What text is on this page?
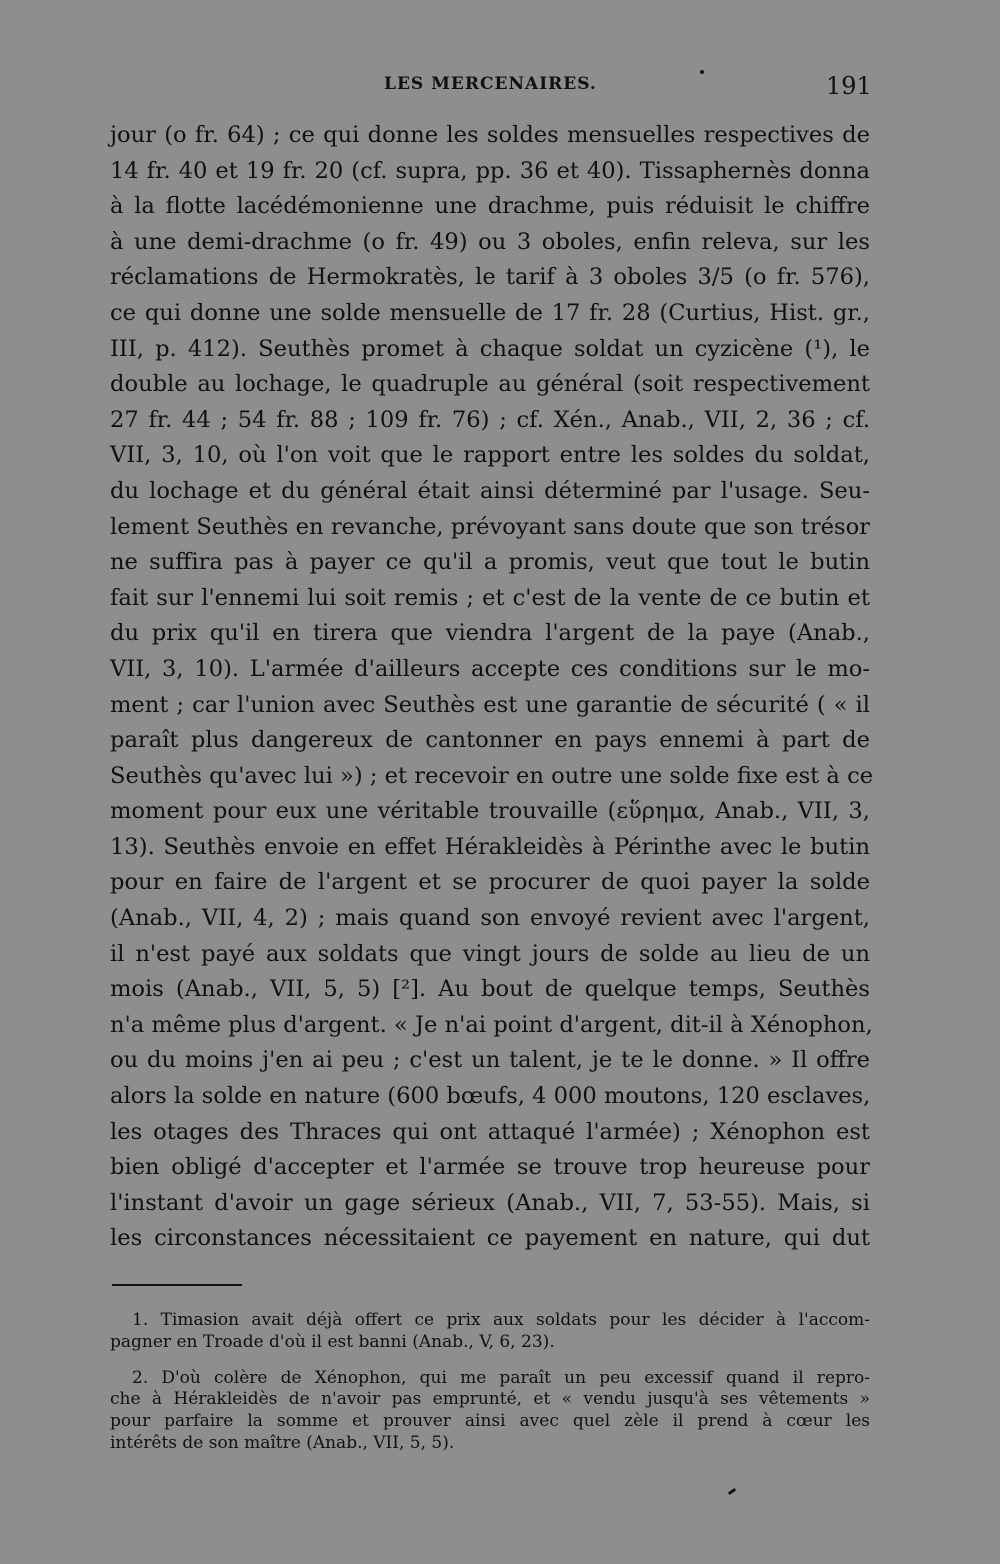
LES MERCENAIRES.	191
jour (o fr. 64) ; ce qui donne les soldes mensuelles respectives de
14 fr. 40 et 19 fr. 20 (cf. supra, pp. 36 et 40). Tissaphernès donna
à la flotte lacédémonienne une drachme, puis réduisit le chiffre
à une demi-drachme (o fr. 49) ou 3 oboles, enfin releva, sur les
réclamations de Hermokratès, le tarif à 3 oboles 3/5 (o fr. 576),
ce qui donne une solde mensuelle de 17 fr. 28 (Curtius, Hist. gr.,
III, p. 412). Seuthès promet à chaque soldat un cyzicène (¹), le
double au lochage, le quadruple au général (soit respectivement
27 fr. 44 ; 54 fr. 88 ; 109 fr. 76) ; cf. Xén., Anab., VII, 2, 36 ; cf.
VII, 3, 10, où l'on voit que le rapport entre les soldes du soldat,
du lochage et du général était ainsi déterminé par l'usage. Seu-
lement Seuthès en revanche, prévoyant sans doute que son trésor
ne suffira pas à payer ce qu'il a promis, veut que tout le butin
fait sur l'ennemi lui soit remis ; et c'est de la vente de ce butin et
du prix qu'il en tirera que viendra l'argent de la paye (Anab.,
VII, 3, 10). L'armée d'ailleurs accepte ces conditions sur le mo-
ment ; car l'union avec Seuthès est une garantie de sécurité ( « il
paraît plus dangereux de cantonner en pays ennemi à part de
Seuthès qu'avec lui ») ; et recevoir en outre une solde fixe est à ce
moment pour eux une véritable trouvaille (εὕρημα, Anab., VII, 3,
13). Seuthès envoie en effet Hérakleidès à Périnthe avec le butin
pour en faire de l'argent et se procurer de quoi payer la solde
(Anab., VII, 4, 2) ; mais quand son envoyé revient avec l'argent,
il n'est payé aux soldats que vingt jours de solde au lieu de un
mois (Anab., VII, 5, 5) [²]. Au bout de quelque temps, Seuthès
n'a même plus d'argent. « Je n'ai point d'argent, dit-il à Xénophon,
ou du moins j'en ai peu ; c'est un talent, je te le donne. » Il offre
alors la solde en nature (600 bœufs, 4 000 moutons, 120 esclaves,
les otages des Thraces qui ont attaqué l'armée) ; Xénophon est
bien obligé d'accepter et l'armée se trouve trop heureuse pour
l'instant d'avoir un gage sérieux (Anab., VII, 7, 53-55). Mais, si
les circonstances nécessitaient ce payement en nature, qui dut
1. Timasion avait déjà offert ce prix aux soldats pour les décider à l'accom-
pagner en Troade d'où il est banni (Anab., V, 6, 23).
2. D'où colère de Xénophon, qui me paraît un peu excessif quand il repro-
che à Hérakleidès de n'avoir pas emprunté, et « vendu jusqu'à ses vêtements »
pour parfaire la somme et prouver ainsi avec quel zèle il prend à cœur les
intérêts de son maître (Anab., VII, 5, 5).
